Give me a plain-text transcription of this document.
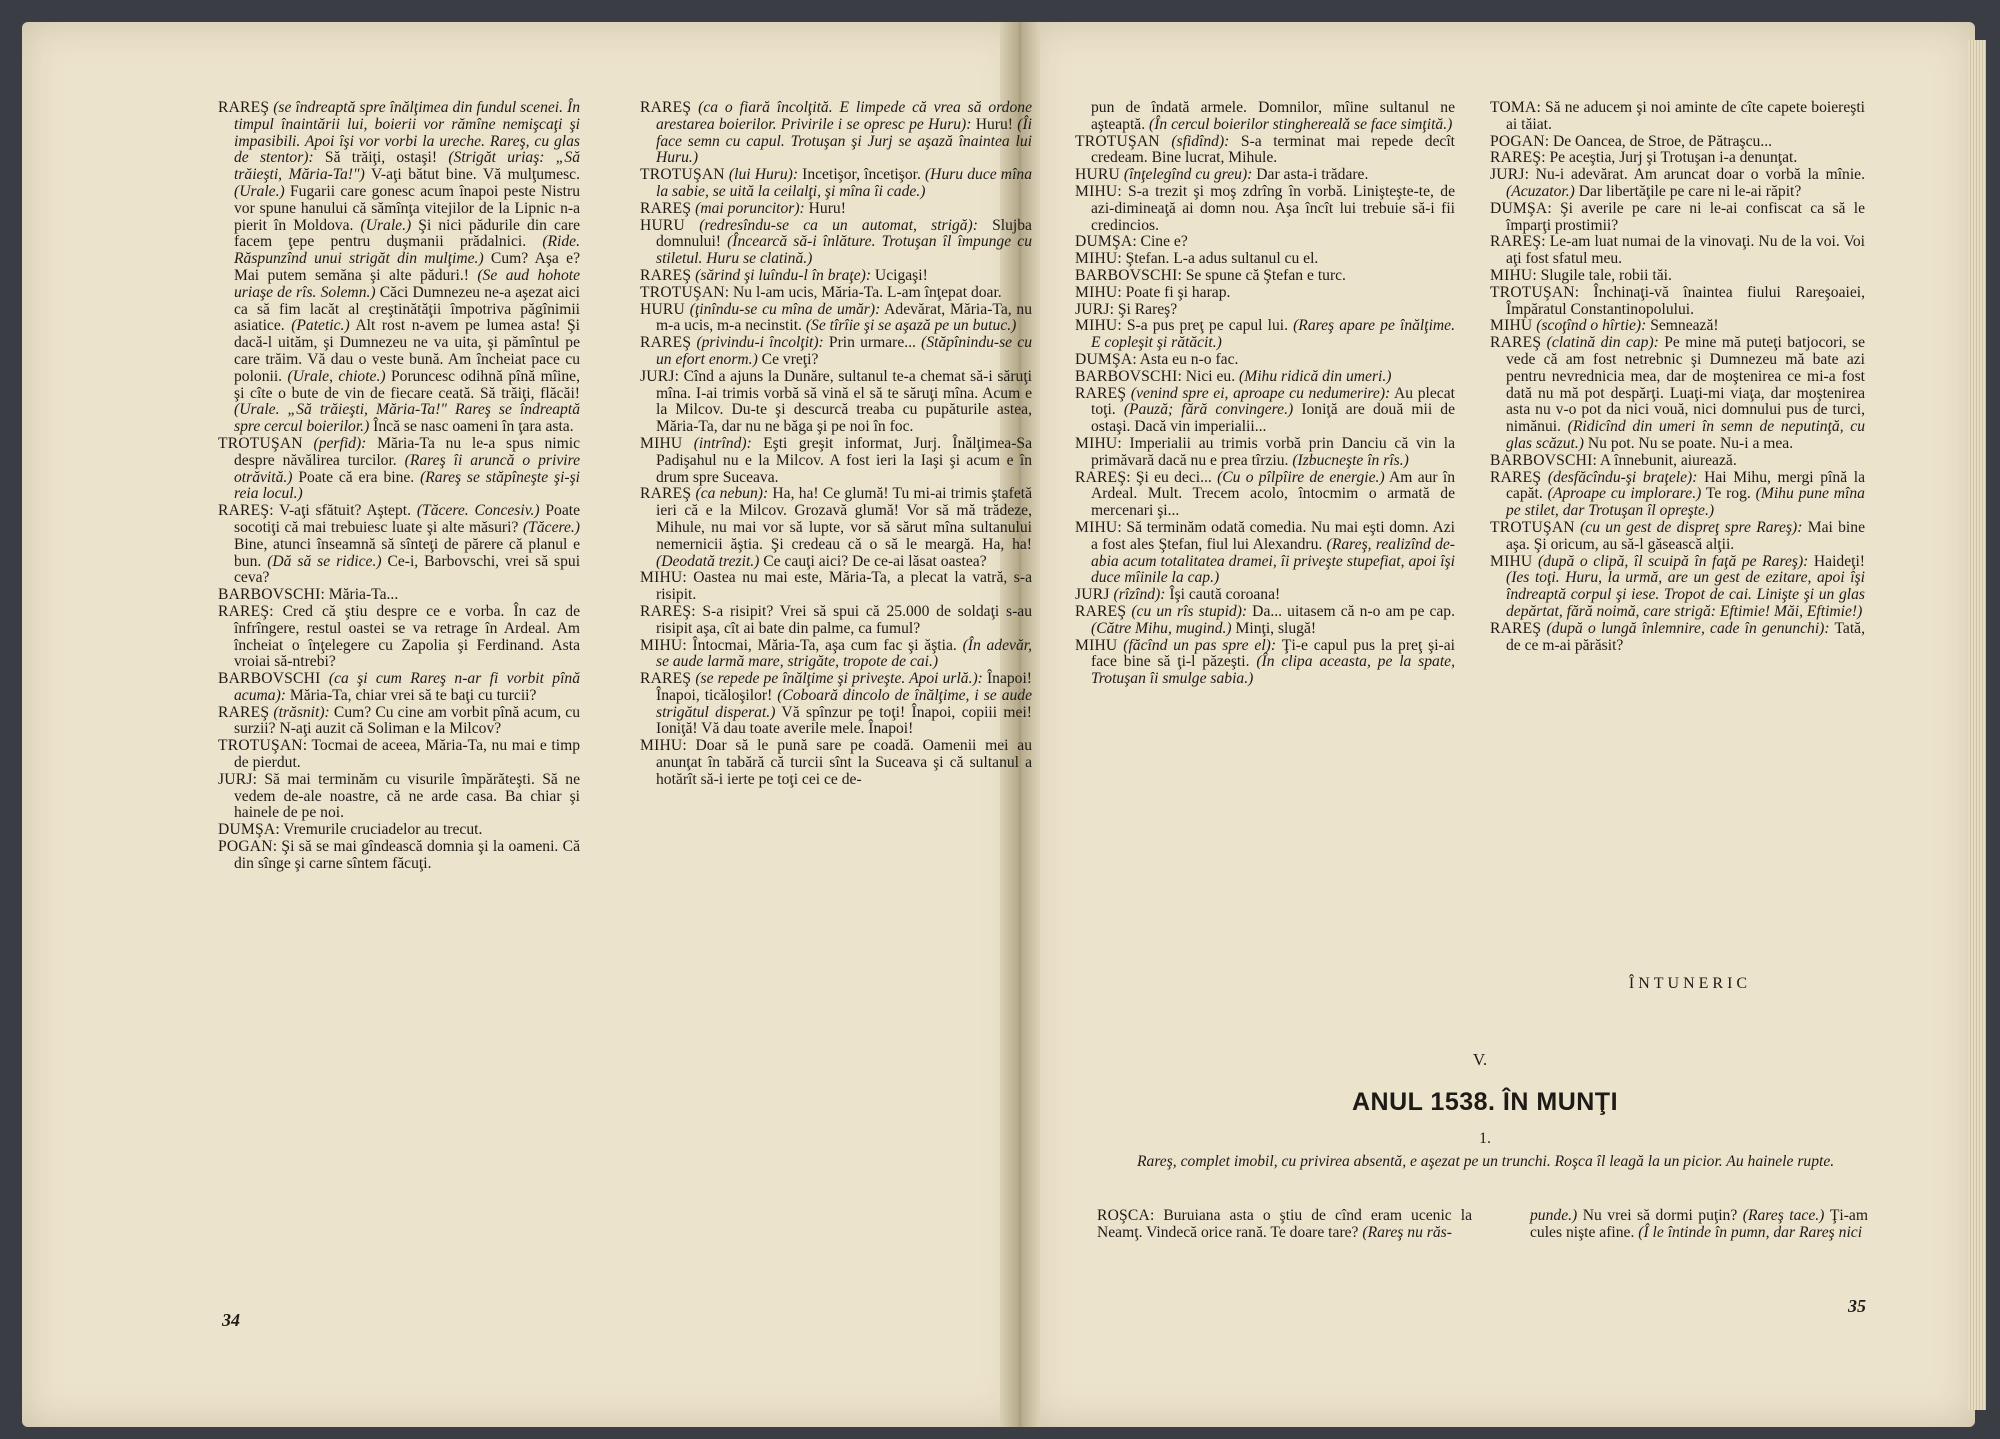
RAREŞ (se îndreaptă spre înălţimea din fundul scenei. În timpul înaintării lui, boierii vor rămîne nemişcaţi şi impasibili. Apoi îşi vor vorbi la ureche. Rareş, cu glas de stentor): Să trăiţi, ostaşi! (Strigăt uriaş: „Să trăieşti, Măria-Ta!") V-aţi bătut bine. Vă mulţumesc. (Urale.) Fugarii care gonesc acum înapoi peste Nistru vor spune hanului că sămînţa vitejilor de la Lipnic n-a pierit în Moldova. (Urale.) Şi nici pădurile din care facem ţepe pentru duşmanii prădalnici. (Ride. Răspunzînd unui strigăt din mulţime.) Cum? Aşa e? Mai putem semăna şi alte păduri.! (Se aud hohote uriaşe de rîs. Solemn.) Căci Dumnezeu ne-a aşezat aici ca să fim lacăt al creştinătăţii împotriva păgînimii asiatice. (Patetic.) Alt rost n-avem pe lumea asta! Şi dacă-l uităm, şi Dumnezeu ne va uita, şi pămîntul pe care trăim. Vă dau o veste bună. Am încheiat pace cu polonii. (Urale, chiote.) Poruncesc odihnă pînă mîine, şi cîte o bute de vin de fiecare ceată. Să trăiţi, flăcăi! (Urale. „Să trăieşti, Măria-Ta!" Rareş se îndreaptă spre cercul boierilor.) Încă se nasc oameni în ţara asta.

TROTUŞAN (perfid): Măria-Ta nu le-a spus nimic despre năvălirea turcilor. (Rareş îi aruncă o privire otrăvită.) Poate că era bine. (Rareş se stăpîneşte şi-şi reia locul.)

RAREŞ: V-aţi sfătuit? Aştept. (Tăcere. Concesiv.) Poate socotiţi că mai trebuiesc luate şi alte măsuri? (Tăcere.) Bine, atunci înseamnă să sînteţi de părere că planul e bun. (Dă să se ridice.) Ce-i, Barbovschi, vrei să spui ceva?

BARBOVSCHI: Măria-Ta...

RAREŞ: Cred că ştiu despre ce e vorba. În caz de înfrîngere, restul oastei se va retrage în Ardeal. Am încheiat o înţelegere cu Zapolia şi Ferdinand. Asta vroiai să-ntrebi?

BARBOVSCHI (ca şi cum Rareş n-ar fi vorbit pînă acuma): Măria-Ta, chiar vrei să te baţi cu turcii?

RAREŞ (trăsnit): Cum? Cu cine am vorbit pînă acum, cu surzii? N-aţi auzit că Soliman e la Milcov?

TROTUŞAN: Tocmai de aceea, Măria-Ta, nu mai e timp de pierdut.

JURJ: Să mai terminăm cu visurile împărăteşti. Să ne vedem de-ale noastre, că ne arde casa. Ba chiar şi hainele de pe noi.

DUMŞA: Vremurile cruciadelor au trecut.

POGAN: Şi să se mai gîndească domnia şi la oameni. Că din sînge şi carne sîntem făcuţi.

RAREŞ (ca o fiară încolţită. E limpede că vrea să ordone arestarea boierilor. Privirile i se opresc pe Huru): Huru! (Îi face semn cu capul. Trotuşan şi Jurj se aşază înaintea lui Huru.)

TROTUŞAN (lui Huru): Incetişor, încetişor. (Huru duce mîna la sabie, se uită la ceilalţi, şi mîna îi cade.)

RAREŞ (mai poruncitor): Huru!

HURU (redresîndu-se ca un automat, strigă): Slujba domnului! (Încearcă să-i înlăture. Trotuşan îl împunge cu stiletul. Huru se clatină.)

RAREŞ (sărind şi luîndu-l în braţe): Ucigaşi!

TROTUŞAN: Nu l-am ucis, Măria-Ta. L-am înţepat doar.

HURU (ţinîndu-se cu mîna de umăr): Adevărat, Măria-Ta, nu m-a ucis, m-a necinstit. (Se tîrîie şi se aşază pe un butuc.)

RAREŞ (privindu-i încolţit): Prin urmare... (Stăpînindu-se cu un efort enorm.) Ce vreţi?

JURJ: Cînd a ajuns la Dunăre, sultanul te-a chemat să-i săruţi mîna. I-ai trimis vorbă să vină el să te săruţi mîna. Acum e la Milcov. Du-te şi descurcă treaba cu pupăturile astea, Măria-Ta, dar nu ne băga şi pe noi în foc.

MIHU (intrînd): Eşti greşit informat, Jurj. Înălţimea-Sa Padişahul nu e la Milcov. A fost ieri la Iaşi şi acum e în drum spre Suceava.

RAREŞ (ca nebun): Ha, ha! Ce glumă! Tu mi-ai trimis ştafetă ieri că e la Milcov. Grozavă glumă! Vor să mă trădeze, Mihule, nu mai vor să lupte, vor să sărut mîna sultanului nemernicii ăştia. Şi credeau că o să le meargă. Ha, ha! (Deodată trezit.) Ce cauţi aici? De ce-ai lăsat oastea?

MIHU: Oastea nu mai este, Măria-Ta, a plecat la vatră, s-a risipit.

RAREŞ: S-a risipit? Vrei să spui că 25.000 de soldaţi s-au risipit aşa, cît ai bate din palme, ca fumul?

MIHU: Întocmai, Măria-Ta, aşa cum fac şi ăştia. (În adevăr, se aude larmă mare, strigăte, tropote de cai.)

RAREŞ (se repede pe înălţime şi priveşte. Apoi urlă.): Înapoi! Înapoi, ticăloşilor! (Coboară dincolo de înălţime, i se aude strigătul disperat.) Vă spînzur pe toţi! Înapoi, copiii mei! Ioniţă! Vă dau toate averile mele. Înapoi!

MIHU: Doar să le pună sare pe coadă. Oamenii mei au anunţat în tabără că turcii sînt la Suceava şi că sultanul a hotărît să-i ierte pe toţi cei ce de-

pun de îndată armele. Domnilor, mîine sultanul ne aşteaptă. (În cercul boierilor stingherealǎ se face simţită.)

TROTUŞAN (sfidînd): S-a terminat mai repede decît credeam. Bine lucrat, Mihule.

HURU (înţelegînd cu greu): Dar asta-i trădare.

MIHU: S-a trezit şi moş zdrîng în vorbă. Linişteşte-te, de azi-dimineaţă ai domn nou. Aşa încît lui trebuie să-i fii credincios.

DUMŞA: Cine e?

MIHU: Ştefan. L-a adus sultanul cu el.

BARBOVSCHI: Se spune că Ştefan e turc.

MIHU: Poate fi şi harap.

JURJ: Şi Rareş?

MIHU: S-a pus preţ pe capul lui. (Rareş apare pe înălţime. E copleşit şi rătăcit.)

DUMŞA: Asta eu n-o fac.

BARBOVSCHI: Nici eu. (Mihu ridică din umeri.)

RAREŞ (venind spre ei, aproape cu nedumerire): Au plecat toţi. (Pauză; fără convingere.) Ioniţă are două mii de ostaşi. Dacă vin imperialii...

MIHU: Imperialii au trimis vorbă prin Danciu că vin la primăvară dacă nu e prea tîrziu. (Izbucneşte în rîs.)

RAREŞ: Şi eu deci... (Cu o pîlpîire de energie.) Am aur în Ardeal. Mult. Trecem acolo, întocmim o armată de mercenari şi...

MIHU: Să terminăm odată comedia. Nu mai eşti domn. Azi a fost ales Ştefan, fiul lui Alexandru. (Rareş, realizînd de-abia acum totalitatea dramei, îi priveşte stupefiat, apoi îşi duce mîinile la cap.)

JURJ (rîzînd): Îşi caută coroana!

RAREŞ (cu un rîs stupid): Da... uitasem că n-o am pe cap. (Către Mihu, mugind.) Minţi, slugă!

MIHU (făcînd un pas spre el): Ţi-e capul pus la preţ şi-ai face bine să ţi-l păzeşti. (În clipa aceasta, pe la spate, Trotuşan îi smulge sabia.)

TOMA: Să ne aducem şi noi aminte de cîte capete boiereşti ai tăiat.

POGAN: De Oancea, de Stroe, de Pătraşcu...

RAREŞ: Pe aceştia, Jurj şi Trotuşan i-a denunţat.

JURJ: Nu-i adevărat. Am aruncat doar o vorbă la mînie. (Acuzator.) Dar libertăţile pe care ni le-ai răpit?

DUMŞA: Şi averile pe care ni le-ai confiscat ca să le împarţi prostimii?

RAREŞ: Le-am luat numai de la vinovaţi. Nu de la voi. Voi aţi fost sfatul meu.

MIHU: Slugile tale, robii tăi.

TROTUŞAN: Închinaţi-vă înaintea fiului Rareşoaiei, Împăratul Constantinopolului.

MIHU (scoţînd o hîrtie): Semnează!

RAREŞ (clatină din cap): Pe mine mă puteţi batjocori, se vede că am fost netrebnic şi Dumnezeu mă bate azi pentru nevrednicia mea, dar de moştenirea ce mi-a fost dată nu mă pot despărţi. Luaţi-mi viaţa, dar moştenirea asta nu v-o pot da nici vouă, nici domnului pus de turci, nimănui. (Ridicînd din umeri în semn de neputinţă, cu glas scăzut.) Nu pot. Nu se poate. Nu-i a mea.

BARBOVSCHI: A înnebunit, aiurează.

RAREŞ (desfăcîndu-şi braţele): Hai Mihu, mergi pînă la capăt. (Aproape cu implorare.) Te rog. (Mihu pune mîna pe stilet, dar Trotuşan îl opreşte.)

TROTUŞAN (cu un gest de dispreţ spre Rareş): Mai bine aşa. Şi oricum, au să-l găsească alţii.

MIHU (după o clipă, îl scuipă în faţă pe Rareş): Haideţi! (Ies toţi. Huru, la urmă, are un gest de ezitare, apoi îşi îndreaptă corpul şi iese. Tropot de cai. Linişte şi un glas depărtat, fără noimă, care strigă: Eftimie! Măi, Eftimie!)

RAREŞ (după o lungă înlemnire, cade în genunchi): Tată, de ce m-ai părăsit?

ÎNTUNERIC
V.
ANUL 1538. ÎN MUNŢI
1.
Rareş, complet imobil, cu privirea absentă, e aşezat pe un trunchi. Roşca îl leagă la un picior. Au hainele rupte.
ROŞCA: Buruiana asta o ştiu de cînd eram ucenic la Neamţ. Vindecă orice rană. Te doare tare? (Rareş nu răs-
punde.) Nu vrei să dormi puţin? (Rareş tace.) Ţi-am cules nişte afine. (Î le întinde în pumn, dar Rareş nici
34
35
